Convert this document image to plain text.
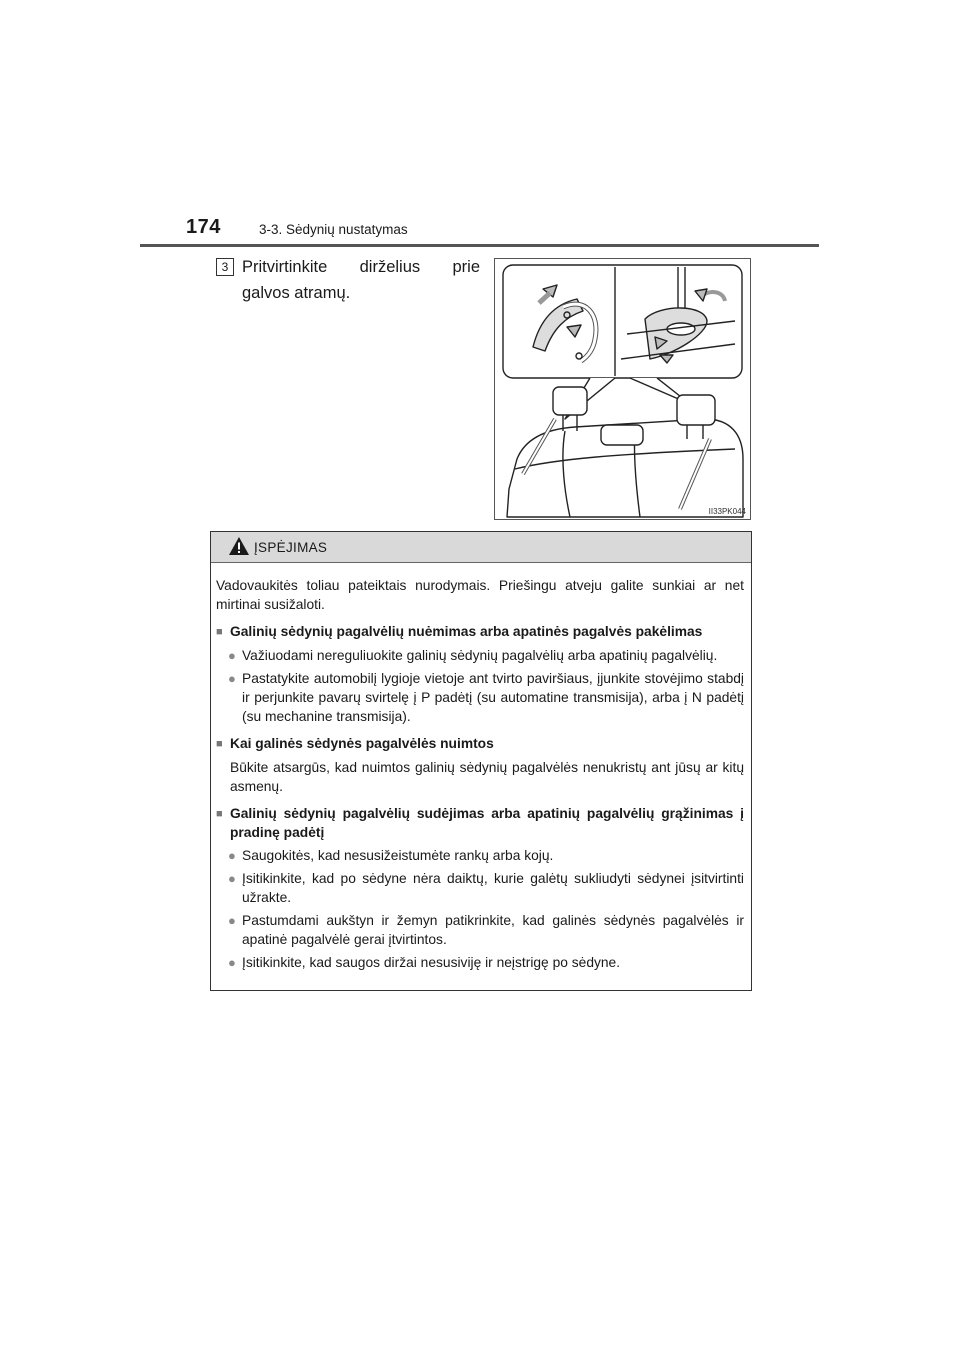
174	3-3. Sėdynių nustatymas
3 Pritvirtinkite dirželius prie
galvos atramų.
II33PK044
ĮSPĖJIMAS

Vadovaukitės toliau pateiktais nurodymais. Priešingu atveju galite sunkiai ar net mirtinai susižaloti.

■ Galinių sėdynių pagalvėlių nuėmimas arba apatinės pagalvės pakėlimas
● Važiuodami nereguliuokite galinių sėdynių pagalvėlių arba apatinių pagalvėlių.
● Pastatykite automobilį lygioje vietoje ant tvirto paviršiaus, įjunkite stovėjimo stabdį ir perjunkite pavarų svirtelę į P padėtį (su automatine transmisija), arba į N padėtį (su mechanine transmisija).
■ Kai galinės sėdynės pagalvėlės nuimtos

Būkite atsargūs, kad nuimtos galinių sėdynių pagalvėlės nenukristų ant jūsų ar kitų asmenų.

■ Galinių sėdynių pagalvėlių sudėjimas arba apatinių pagalvėlių grąžinimas į pradinę padėtį
● Saugokitės, kad nesusižeistumėte rankų arba kojų.
● Įsitikinkite, kad po sėdyne nėra daiktų, kurie galėtų sukliudyti sėdynei įsitvirtinti užrakte.
● Pastumdami aukštyn ir žemyn patikrinkite, kad galinės sėdynės pagalvėlės ir apatinė pagalvėlė gerai įtvirtintos.
● Įsitikinkite, kad saugos diržai nesusiviję ir neįstrigę po sėdyne.
